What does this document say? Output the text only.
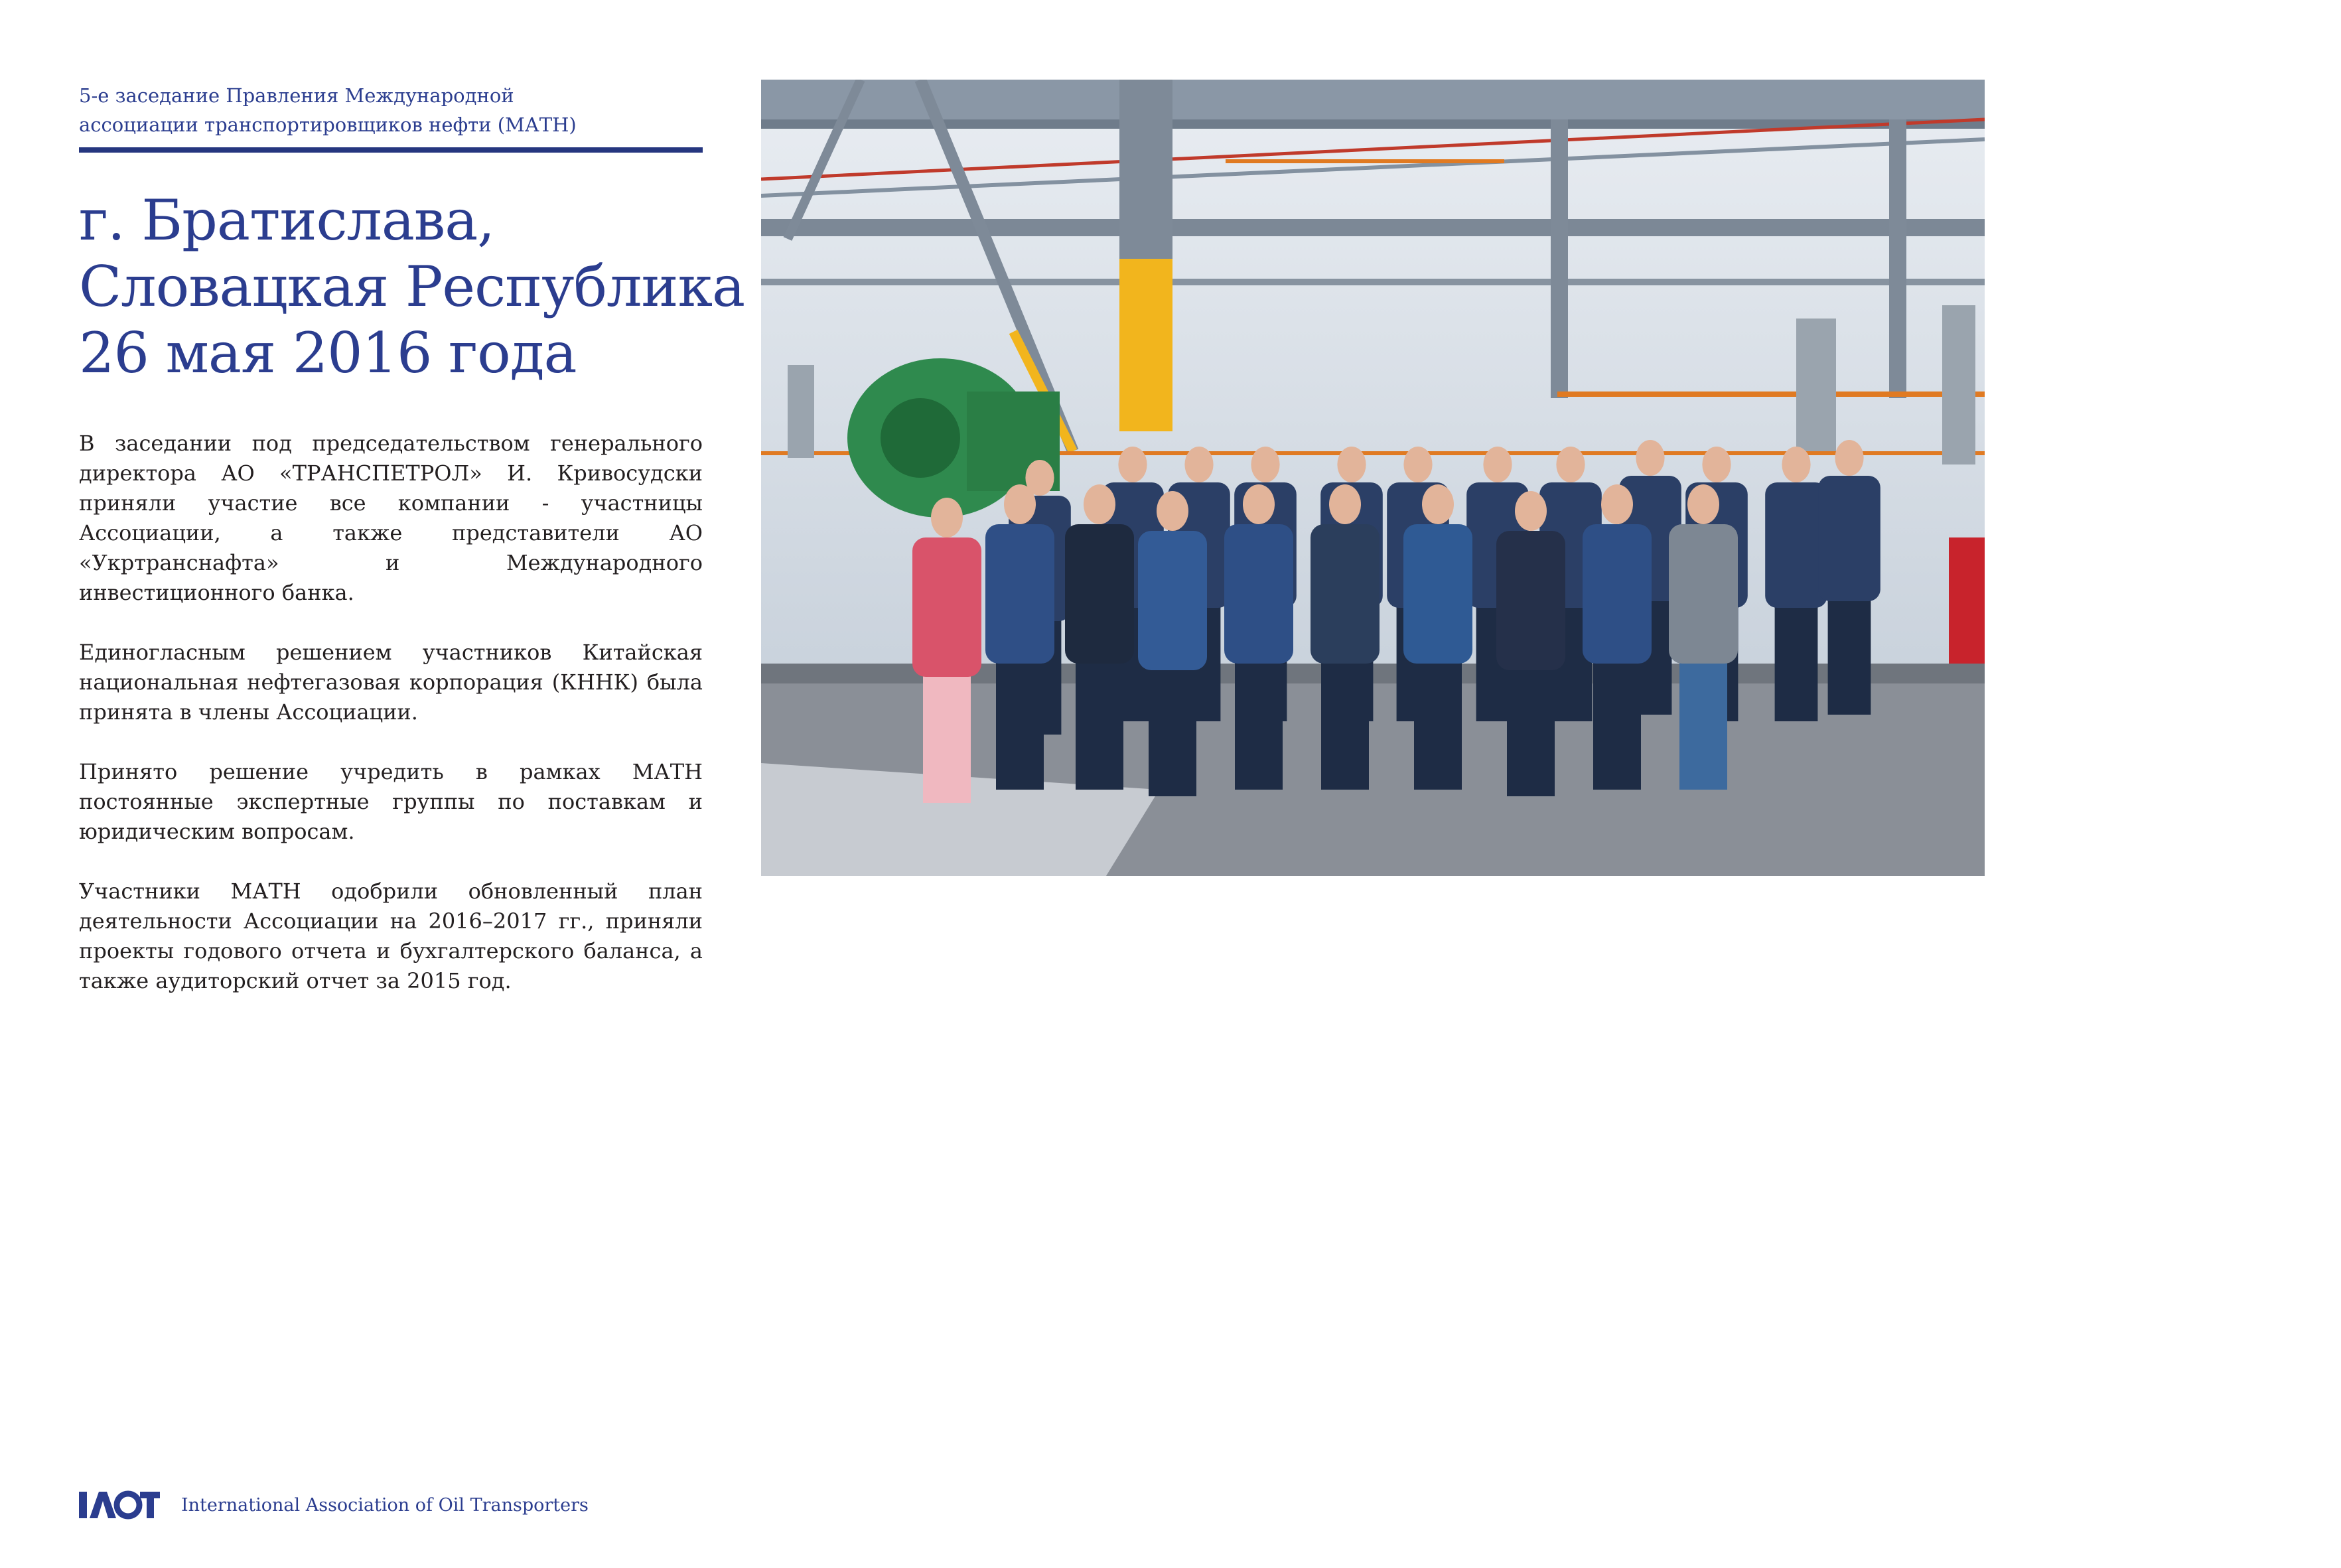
5-е заседание Правления Международной
ассоциации транспортировщиков нефти (МАТН)
г. Братислава,
Словацкая Республика
26 мая 2016 года

В заседании под председательством генерального директора АО «ТРАНСПЕТРОЛ» И. Кривосудски приняли участие все компании - участницы Ассоциации, а также представители АО «Укртранснафта» и Международного инвестиционного банка.

Единогласным решением участников Китайская национальная нефтегазовая корпорация (КННК) была принята в члены Ассоциации.

Принято решение учредить в рамках МАТН постоянные экспертные группы по поставкам и юридическим вопросам.

Участники МАТН одобрили обновленный план деятельности Ассоциации на 2016–2017 гг., приняли проекты годового отчета и бухгалтерского баланса, а также аудиторский отчет за 2015 год.

International Association of Oil Transporters
